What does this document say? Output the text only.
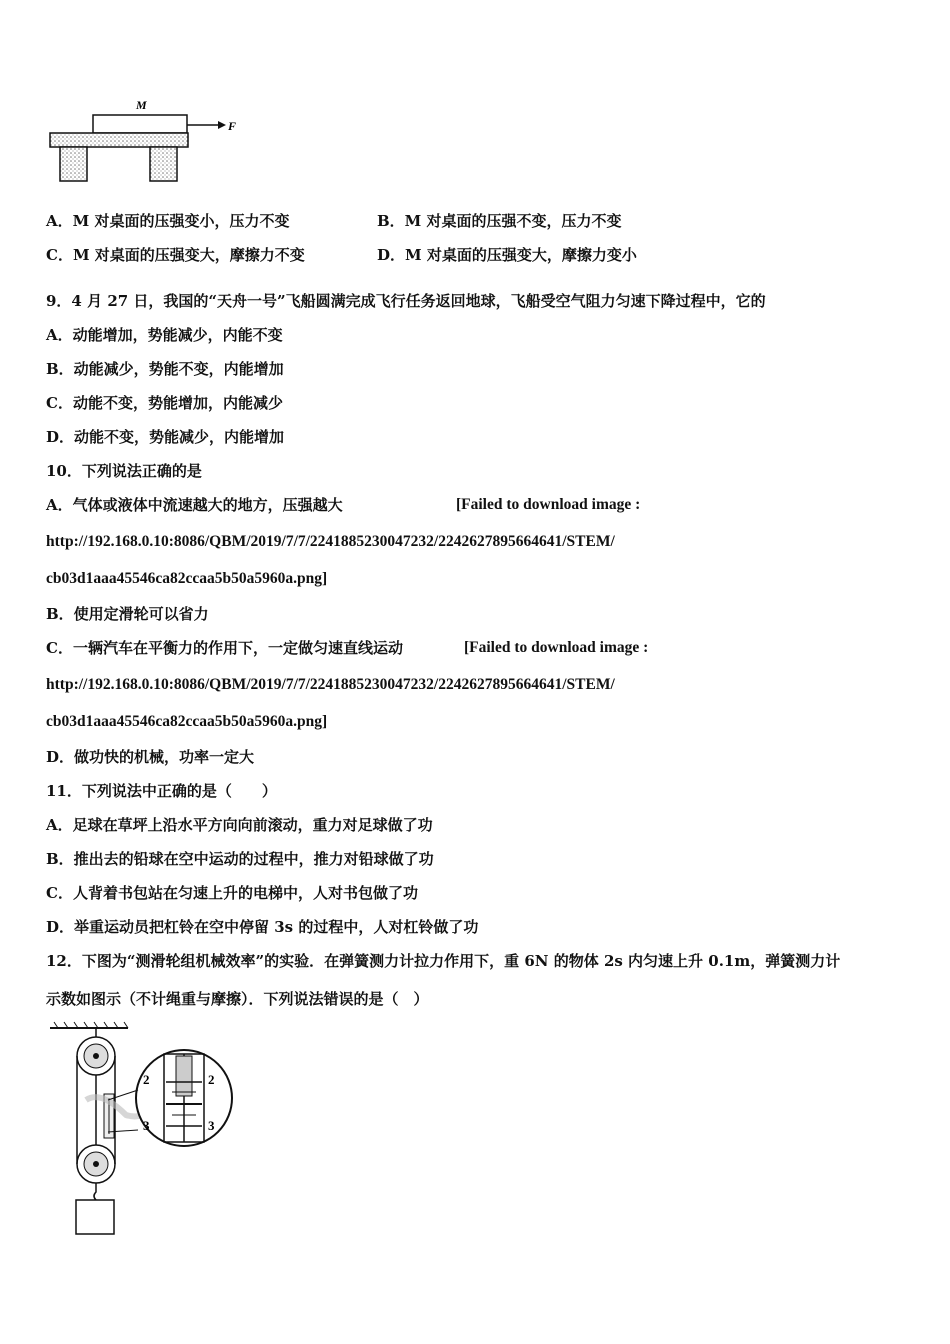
M
F
A．M 对桌面的压强变小，压力不变	B．M 对桌面的压强不变，压力不变
C．M 对桌面的压强变大，摩擦力不变	D．M 对桌面的压强变大，摩擦力变小
9．4 月 27 日，我国的“天舟一号”飞船圆满完成飞行任务返回地球，飞船受空气阻力匀速下降过程中，它的
A．动能增加，势能减少，内能不变
B．动能减少，势能不变，内能增加
C．动能不变，势能增加，内能减少
D．动能不变，势能减少，内能增加
10．下列说法正确的是
A．气体或液体中流速越大的地方，压强越大	[Failed to download image :
http://192.168.0.10:8086/QBM/2019/7/7/2241885230047232/2242627895664641/STEM/
cb03d1aaa45546ca82ccaa5b50a5960a.png]
B．使用定滑轮可以省力
C．一辆汽车在平衡力的作用下，一定做匀速直线运动	[Failed to download image :
http://192.168.0.10:8086/QBM/2019/7/7/2241885230047232/2242627895664641/STEM/
cb03d1aaa45546ca82ccaa5b50a5960a.png]
D．做功快的机械，功率一定大
11．下列说法中正确的是（　　）
A．足球在草坪上沿水平方向向前滚动，重力对足球做了功
B．推出去的铅球在空中运动的过程中，推力对铅球做了功
C．人背着书包站在匀速上升的电梯中，人对书包做了功
D．举重运动员把杠铃在空中停留 3s 的过程中，人对杠铃做了功
12．下图为“测滑轮组机械效率”的实验．在弹簧测力计拉力作用下，重 6N 的物体 2s 内匀速上升 0.1m，弹簧测力计
示数如图示（不计绳重与摩擦）．下列说法错误的是（　）
2	2
3	3
